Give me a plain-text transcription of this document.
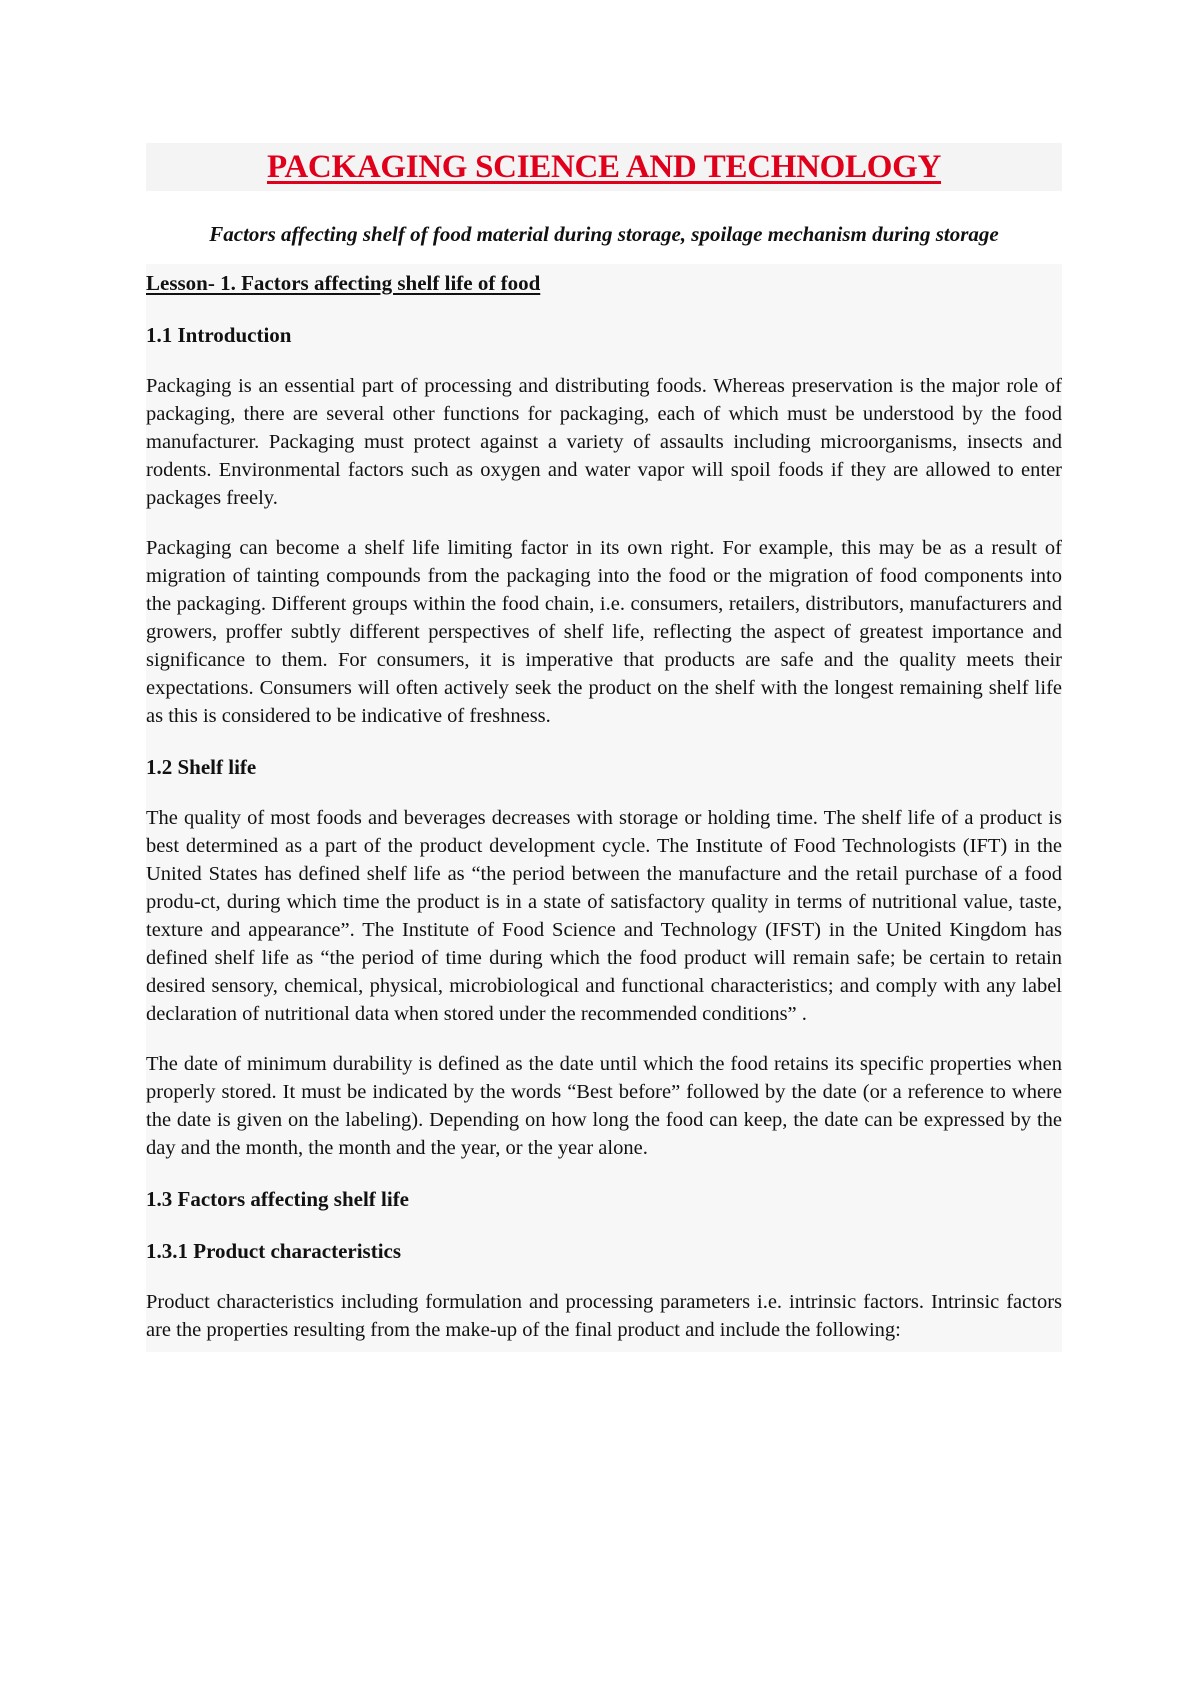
PACKAGING SCIENCE AND TECHNOLOGY

Factors affecting shelf of food material during storage, spoilage mechanism during storage

Lesson- 1. Factors affecting shelf life of food
1.1 Introduction

Packaging is an essential part of processing and distributing foods. Whereas preservation is the major role of packaging, there are several other functions for packaging, each of which must be understood by the food manufacturer. Packaging must protect against a variety of assaults including microorganisms, insects and rodents. Environmental factors such as oxygen and water vapor will spoil foods if they are allowed to enter packages freely.

Packaging can become a shelf life limiting factor in its own right. For example, this may be as a result of migration of tainting compounds from the packaging into the food or the migration of food components into the packaging. Different groups within the food chain, i.e. consumers, retailers, distributors, manufacturers and growers, proffer subtly different perspectives of shelf life, reflecting the aspect of greatest importance and significance to them. For consumers, it is imperative that products are safe and the quality meets their expectations. Consumers will often actively seek the product on the shelf with the longest remaining shelf life as this is considered to be indicative of freshness.

1.2 Shelf life

The quality of most foods and beverages decreases with storage or holding time. The shelf life of a product is best determined as a part of the product development cycle. The Institute of Food Technologists (IFT) in the United States has defined shelf life as “the period between the manufacture and the retail purchase of a food produ-ct, during which time the product is in a state of satisfactory quality in terms of nutritional value, taste, texture and appearance”. The Institute of Food Science and Technology (IFST) in the United Kingdom has defined shelf life as “the period of time during which the food product will remain safe; be certain to retain desired sensory, chemical, physical, microbiological and functional characteristics; and comply with any label declaration of nutritional data when stored under the recommended conditions” .

The date of minimum durability is defined as the date until which the food retains its specific properties when properly stored. It must be indicated by the words “Best before” followed by the date (or a reference to where the date is given on the labeling). Depending on how long the food can keep, the date can be expressed by the day and the month, the month and the year, or the year alone.

1.3 Factors affecting shelf life
1.3.1 Product characteristics

Product characteristics including formulation and processing parameters i.e. intrinsic factors. Intrinsic factors are the properties resulting from the make-up of the final product and include the following:
